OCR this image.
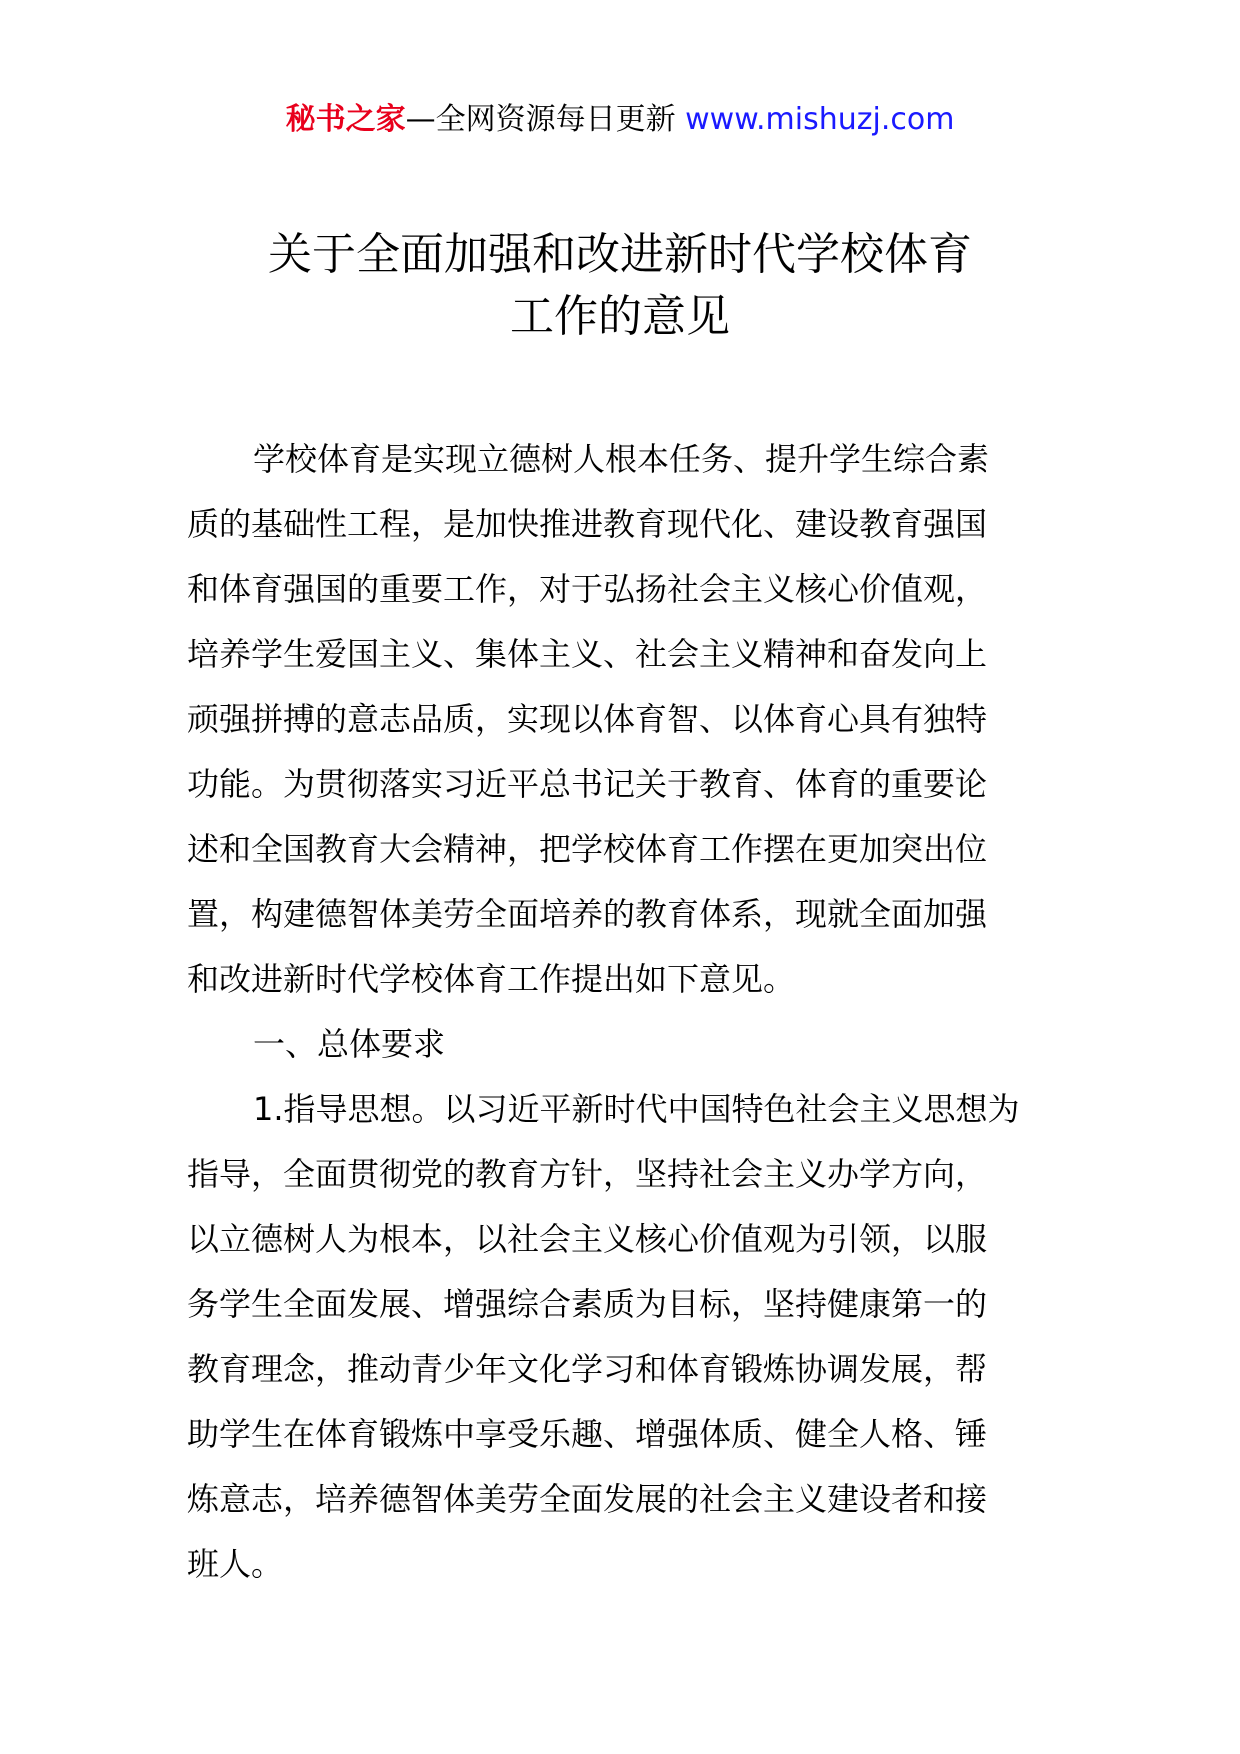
秘书之家—全网资源每日更新 www.mishuzj.com
关于全面加强和改进新时代学校体育
工作的意见
学校体育是实现立德树人根本任务、提升学生综合素
质的基础性工程，是加快推进教育现代化、建设教育强国
和体育强国的重要工作，对于弘扬社会主义核心价值观，
培养学生爱国主义、集体主义、社会主义精神和奋发向上
顽强拼搏的意志品质，实现以体育智、以体育心具有独特
功能。为贯彻落实习近平总书记关于教育、体育的重要论
述和全国教育大会精神，把学校体育工作摆在更加突出位
置，构建德智体美劳全面培养的教育体系，现就全面加强
和改进新时代学校体育工作提出如下意见。
一、总体要求
1.指导思想。以习近平新时代中国特色社会主义思想为
指导，全面贯彻党的教育方针，坚持社会主义办学方向，
以立德树人为根本，以社会主义核心价值观为引领，以服
务学生全面发展、增强综合素质为目标，坚持健康第一的
教育理念，推动青少年文化学习和体育锻炼协调发展，帮
助学生在体育锻炼中享受乐趣、增强体质、健全人格、锤
炼意志，培养德智体美劳全面发展的社会主义建设者和接
班人。
